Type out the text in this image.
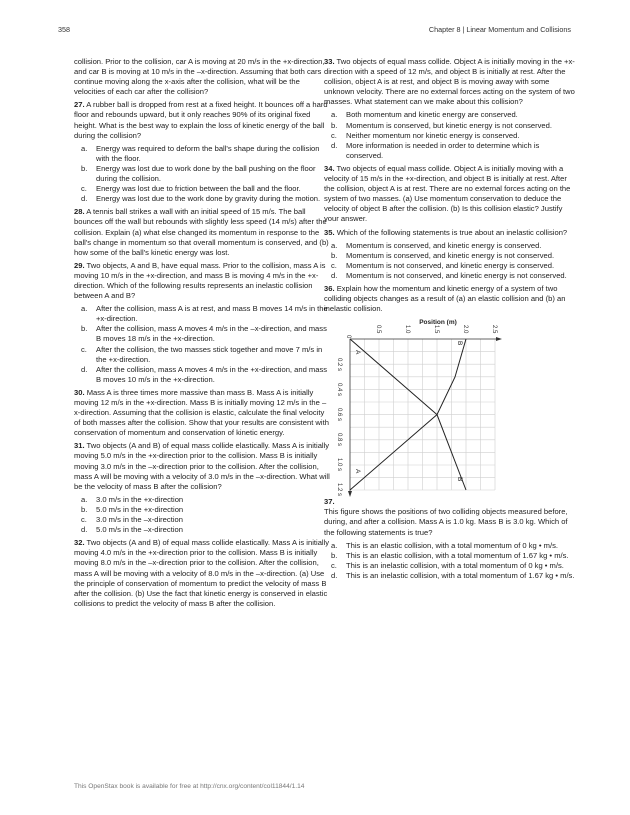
358	Chapter 8 | Linear Momentum and Collisions

collision. Prior to the collision, car A is moving at 20 m/s in the +x-direction, and car B is moving at 10 m/s in the –x-direction. Assuming that both cars continue moving along the x-axis after the collision, what will be the velocities of each car after the collision?

27. A rubber ball is dropped from rest at a fixed height. It bounces off a hard floor and rebounds upward, but it only reaches 90% of its original fixed height. What is the best way to explain the loss of kinetic energy of the ball during the collision?

a. Energy was required to deform the ball's shape during the collision with the floor.
b. Energy was lost due to work done by the ball pushing on the floor during the collision.
c. Energy was lost due to friction between the ball and the floor.
d. Energy was lost due to the work done by gravity during the motion.

28. A tennis ball strikes a wall with an initial speed of 15 m/s. The ball bounces off the wall but rebounds with slightly less speed (14 m/s) after the collision. Explain (a) what else changed its momentum in response to the ball's change in momentum so that overall momentum is conserved, and (b) how some of the ball's kinetic energy was lost.

29. Two objects, A and B, have equal mass. Prior to the collision, mass A is moving 10 m/s in the +x-direction, and mass B is moving 4 m/s in the +x-direction. Which of the following results represents an inelastic collision between A and B?

a. After the collision, mass A is at rest, and mass B moves 14 m/s in the +x-direction.
b. After the collision, mass A moves 4 m/s in the –x-direction, and mass B moves 18 m/s in the +x-direction.
c. After the collision, the two masses stick together and move 7 m/s in the +x-direction.
d. After the collision, mass A moves 4 m/s in the +x-direction, and mass B moves 10 m/s in the +x-direction.

30. Mass A is three times more massive than mass B. Mass A is initially moving 12 m/s in the +x-direction. Mass B is initially moving 12 m/s in the –x-direction. Assuming that the collision is elastic, calculate the final velocity of both masses after the collision. Show that your results are consistent with conservation of momentum and conservation of kinetic energy.

31. Two objects (A and B) of equal mass collide elastically. Mass A is initially moving 5.0 m/s in the +x-direction prior to the collision. Mass B is initially moving 3.0 m/s in the –x-direction prior to the collision. After the collision, mass A will be moving with a velocity of 3.0 m/s in the –x-direction. What will be the velocity of mass B after the collision?

a. 3.0 m/s in the +x-direction
b. 5.0 m/s in the +x-direction
c. 3.0 m/s in the –x-direction
d. 5.0 m/s in the –x-direction

32. Two objects (A and B) of equal mass collide elastically. Mass A is initially moving 4.0 m/s in the +x-direction prior to the collision. Mass B is initially moving 8.0 m/s in the –x-direction prior to the collision. After the collision, mass A will be moving with a velocity of 8.0 m/s in the –x-direction. (a) Use the principle of conservation of momentum to predict the velocity of mass B after the collision. (b) Use the fact that kinetic energy is conserved in elastic collisions to predict the velocity of mass B after the collision.

33. Two objects of equal mass collide. Object A is initially moving in the +x-direction with a speed of 12 m/s, and object B is initially at rest. After the collision, object A is at rest, and object B is moving away with some unknown velocity. There are no external forces acting on the system of two masses. What statement can we make about this collision?

a. Both momentum and kinetic energy are conserved.
b. Momentum is conserved, but kinetic energy is not conserved.
c. Neither momentum nor kinetic energy is conserved.
d. More information is needed in order to determine which is conserved.

34. Two objects of equal mass collide. Object A is initially moving with a velocity of 15 m/s in the +x-direction, and object B is initially at rest. After the collision, object A is at rest. There are no external forces acting on the system of two masses. (a) Use momentum conservation to deduce the velocity of object B after the collision. (b) Is this collision elastic? Justify your answer.

35. Which of the following statements is true about an inelastic collision?

a. Momentum is conserved, and kinetic energy is conserved.
b. Momentum is conserved, and kinetic energy is not conserved.
c. Momentum is not conserved, and kinetic energy is conserved.
d. Momentum is not conserved, and kinetic energy is not conserved.

36. Explain how the momentum and kinetic energy of a system of two colliding objects changes as a result of (a) an elastic collision and (b) an inelastic collision.

Position (m)
0
0.5	1.0	1.5	2.0	2.5
0.2 s
0.4 s
0.6 s
0.8 s
1.0 s
1.2 s
A
A
B
B

37.
This figure shows the positions of two colliding objects measured before, during, and after a collision. Mass A is 1.0 kg. Mass B is 3.0 kg. Which of the following statements is true?

a. This is an elastic collision, with a total momentum of 0 kg • m/s.
b. This is an elastic collision, with a total momentum of 1.67 kg • m/s.
c. This is an inelastic collision, with a total momentum of 0 kg • m/s.
d. This is an inelastic collision, with a total momentum of 1.67 kg • m/s.
This OpenStax book is available for free at http://cnx.org/content/col11844/1.14
